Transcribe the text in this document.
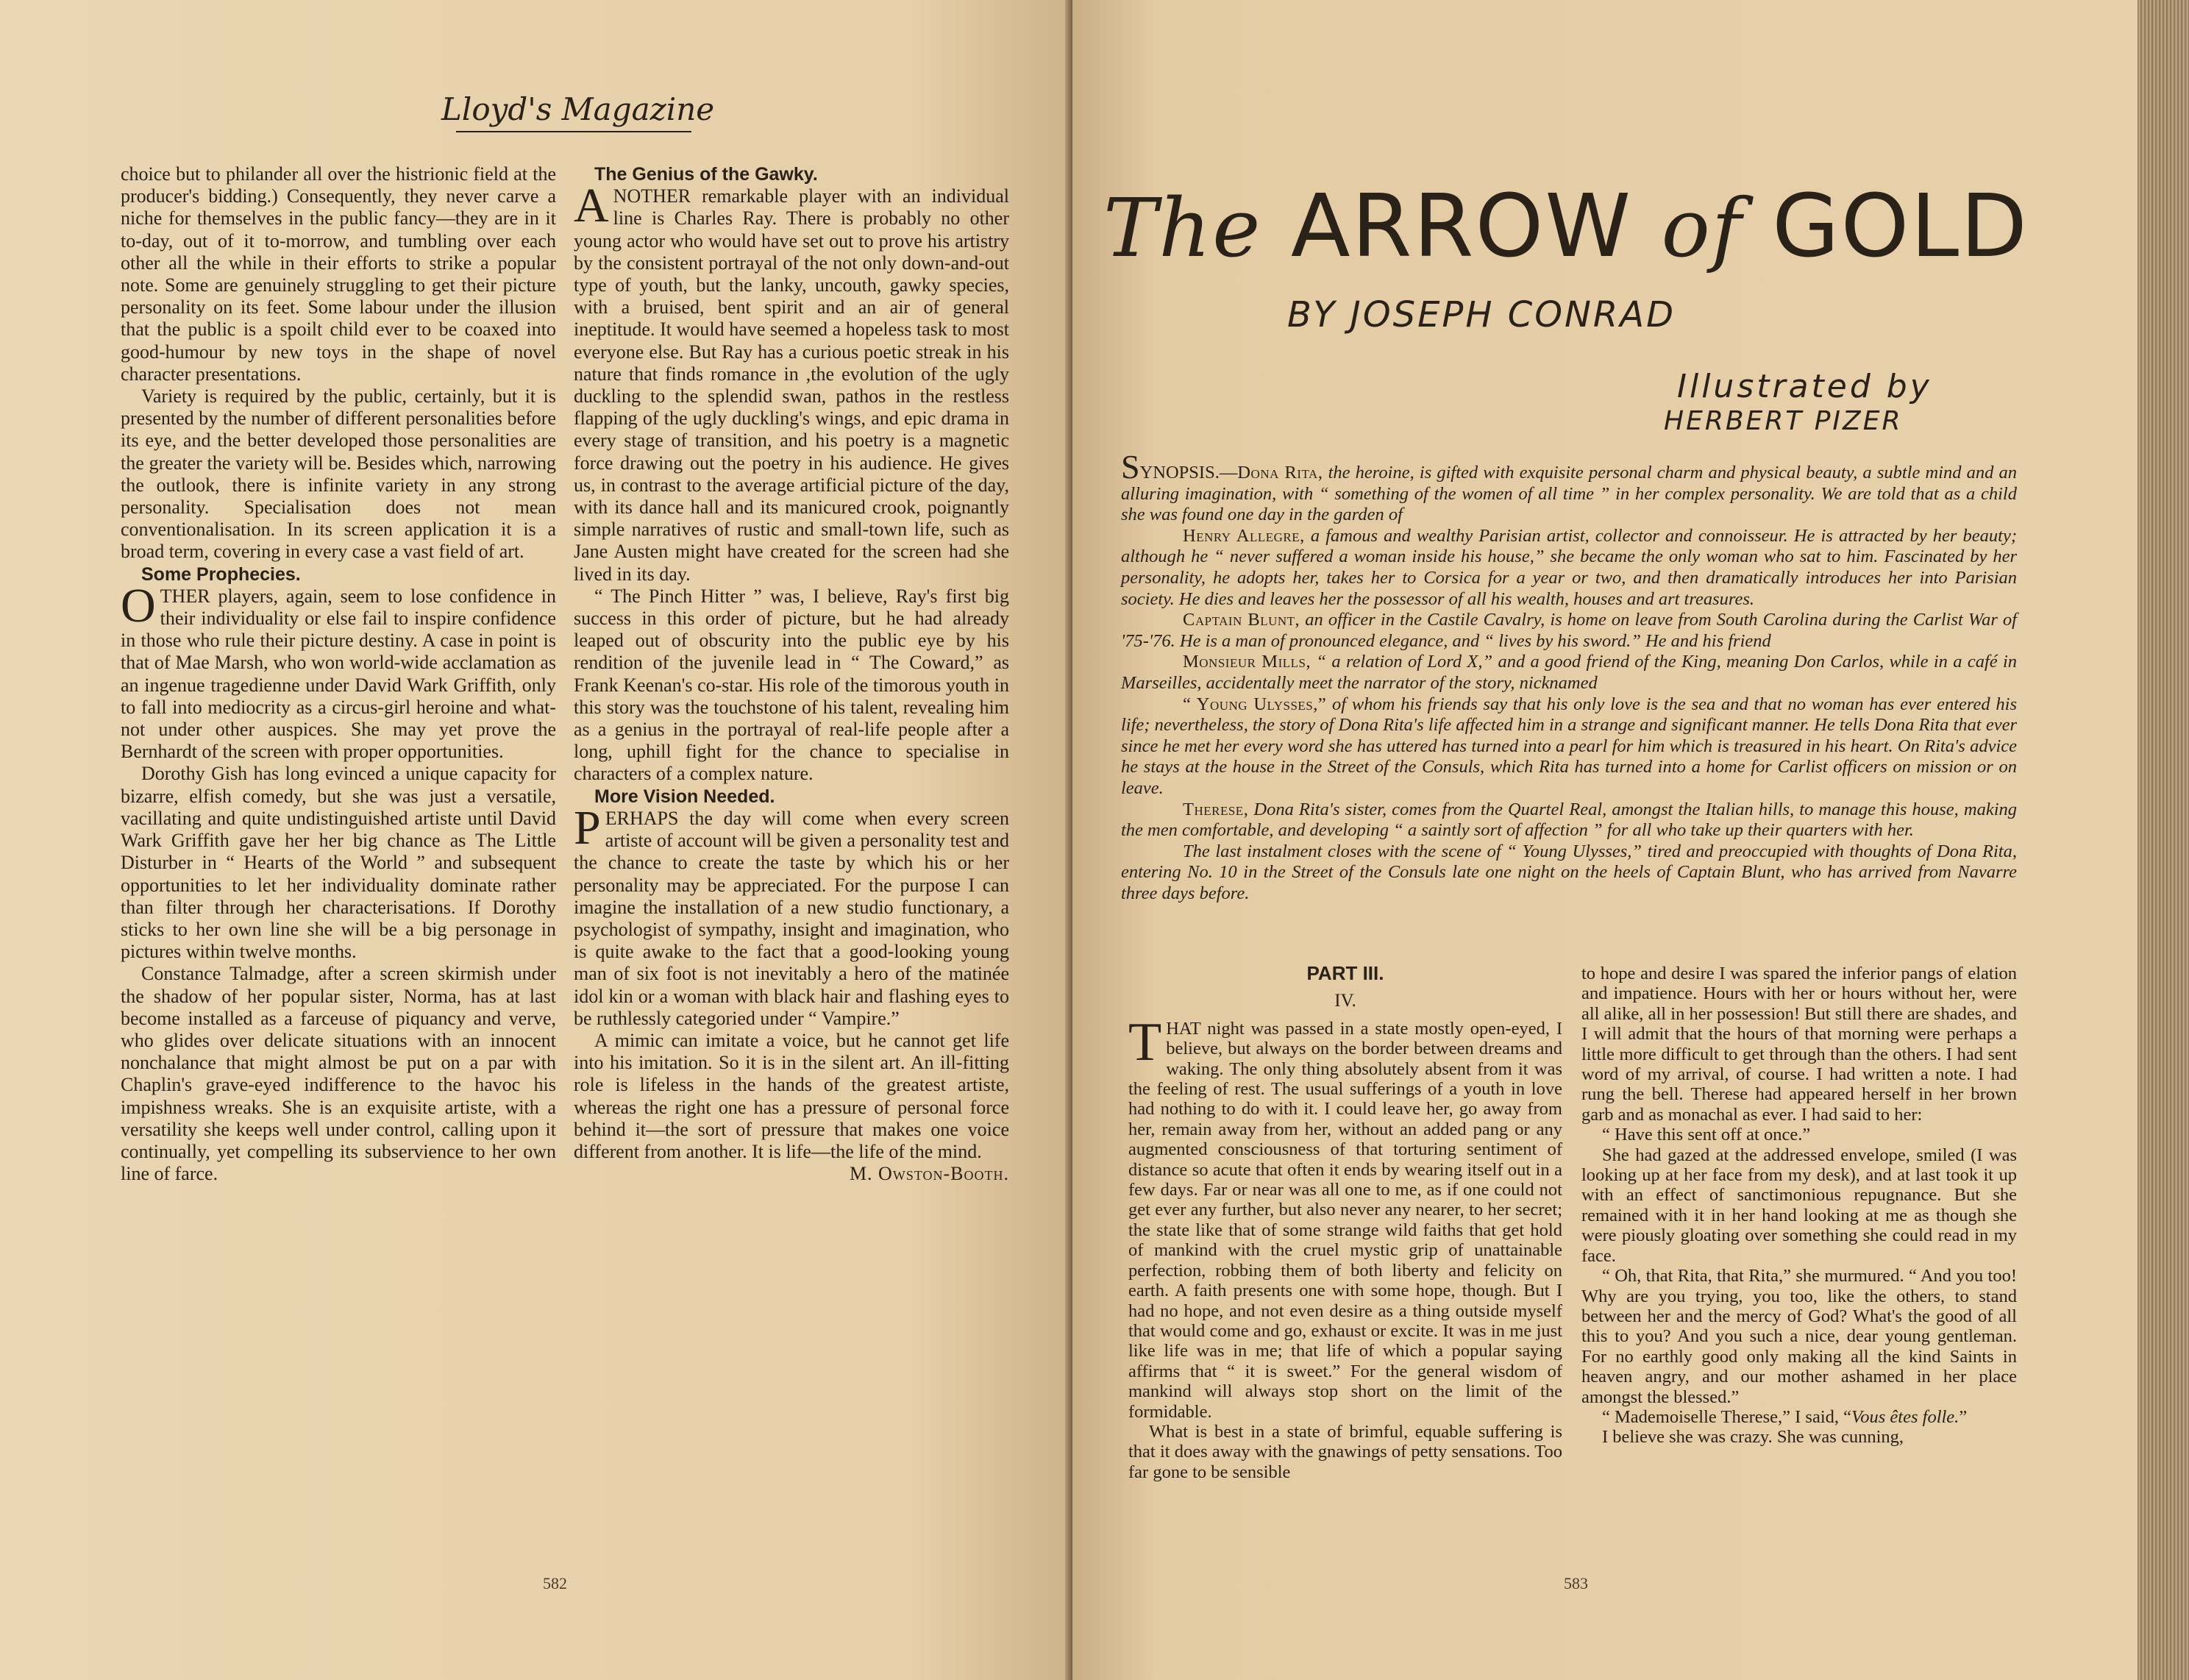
Lloyd's Magazine

choice but to philander all over the histrionic field at the producer's bidding.) Consequently, they never carve a niche for themselves in the public fancy—they are in it to-day, out of it to-morrow, and tumbling over each other all the while in their efforts to strike a popular note. Some are genuinely struggling to get their picture personality on its feet. Some labour under the illusion that the public is a spoilt child ever to be coaxed into good-humour by new toys in the shape of novel character presentations.

Variety is required by the public, certainly, but it is presented by the number of different personalities before its eye, and the better developed those personalities are the greater the variety will be. Besides which, narrowing the outlook, there is infinite variety in any strong personality. Specialisation does not mean conventionalisation. In its screen application it is a broad term, covering in every case a vast field of art.

Some Prophecies.

OTHER players, again, seem to lose confidence in their individuality or else fail to inspire confidence in those who rule their picture destiny. A case in point is that of Mae Marsh, who won world-wide acclamation as an ingenue tragedienne under David Wark Griffith, only to fall into mediocrity as a circus-girl heroine and what-not under other auspices. She may yet prove the Bernhardt of the screen with proper opportunities.

Dorothy Gish has long evinced a unique capacity for bizarre, elfish comedy, but she was just a versatile, vacillating and quite undistinguished artiste until David Wark Griffith gave her her big chance as The Little Disturber in “ Hearts of the World ” and subsequent opportunities to let her individuality dominate rather than filter through her characterisations. If Dorothy sticks to her own line she will be a big personage in pictures within twelve months.

Constance Talmadge, after a screen skirmish under the shadow of her popular sister, Norma, has at last become installed as a farceuse of piquancy and verve, who glides over delicate situations with an innocent nonchalance that might almost be put on a par with Chaplin's grave-eyed indifference to the havoc his impishness wreaks. She is an exquisite artiste, with a versatility she keeps well under control, calling upon it continually, yet compelling its subservience to her own line of farce.

The Genius of the Gawky.

ANOTHER remarkable player with an individual line is Charles Ray. There is probably no other young actor who would have set out to prove his artistry by the consistent portrayal of the not only down-and-out type of youth, but the lanky, uncouth, gawky species, with a bruised, bent spirit and an air of general ineptitude. It would have seemed a hopeless task to most everyone else. But Ray has a curious poetic streak in his nature that finds romance in ,the evolution of the ugly duckling to the splendid swan, pathos in the restless flapping of the ugly duckling's wings, and epic drama in every stage of transition, and his poetry is a magnetic force drawing out the poetry in his audience. He gives us, in contrast to the average artificial picture of the day, with its dance hall and its manicured crook, poignantly simple narratives of rustic and small-town life, such as Jane Austen might have created for the screen had she lived in its day.

“ The Pinch Hitter ” was, I believe, Ray's first big success in this order of picture, but he had already leaped out of obscurity into the public eye by his rendition of the juvenile lead in “ The Coward,” as Frank Keenan's co-star. His role of the timorous youth in this story was the touchstone of his talent, revealing him as a genius in the portrayal of real-life people after a long, uphill fight for the chance to specialise in characters of a complex nature.

More Vision Needed.

PERHAPS the day will come when every screen artiste of account will be given a personality test and the chance to create the taste by which his or her personality may be appreciated. For the purpose I can imagine the installation of a new studio functionary, a psychologist of sympathy, insight and imagination, who is quite awake to the fact that a good-looking young man of six foot is not inevitably a hero of the matinée idol kin or a woman with black hair and flashing eyes to be ruthlessly categoried under “ Vampire.”

A mimic can imitate a voice, but he cannot get life into his imitation. So it is in the silent art. An ill-fitting role is lifeless in the hands of the greatest artiste, whereas the right one has a pressure of personal force behind it—the sort of pressure that makes one voice different from another. It is life—the life of the mind.

M. Owston-Booth.

582
The ARROW of GOLD
BY JOSEPH CONRAD
Illustrated by
HERBERT PIZER

SYNOPSIS.—Dona Rita, the heroine, is gifted with exquisite personal charm and physical beauty, a subtle mind and an alluring imagination, with “ something of the women of all time ” in her complex personality. We are told that as a child she was found one day in the garden of

Henry Allegre, a famous and wealthy Parisian artist, collector and connoisseur. He is attracted by her beauty; although he “ never suffered a woman inside his house,” she became the only woman who sat to him. Fascinated by her personality, he adopts her, takes her to Corsica for a year or two, and then dramatically introduces her into Parisian society. He dies and leaves her the possessor of all his wealth, houses and art treasures.

Captain Blunt, an officer in the Castile Cavalry, is home on leave from South Carolina during the Carlist War of '75-'76. He is a man of pronounced elegance, and “ lives by his sword.” He and his friend

Monsieur Mills, “ a relation of Lord X,” and a good friend of the King, meaning Don Carlos, while in a café in Marseilles, accidentally meet the narrator of the story, nicknamed

“ Young Ulysses,” of whom his friends say that his only love is the sea and that no woman has ever entered his life; nevertheless, the story of Dona Rita's life affected him in a strange and significant manner. He tells Dona Rita that ever since he met her every word she has uttered has turned into a pearl for him which is treasured in his heart. On Rita's advice he stays at the house in the Street of the Consuls, which Rita has turned into a home for Carlist officers on mission or on leave.

Therese, Dona Rita's sister, comes from the Quartel Real, amongst the Italian hills, to manage this house, making the men comfortable, and developing “ a saintly sort of affection ” for all who take up their quarters with her.

The last instalment closes with the scene of “ Young Ulysses,” tired and preoccupied with thoughts of Dona Rita, entering No. 10 in the Street of the Consuls late one night on the heels of Captain Blunt, who has arrived from Navarre three days before.

PART III.
IV.

THAT night was passed in a state mostly open-eyed, I believe, but always on the border between dreams and waking. The only thing absolutely absent from it was the feeling of rest. The usual sufferings of a youth in love had nothing to do with it. I could leave her, go away from her, remain away from her, without an added pang or any augmented consciousness of that torturing sentiment of distance so acute that often it ends by wearing itself out in a few days. Far or near was all one to me, as if one could not get ever any further, but also never any nearer, to her secret; the state like that of some strange wild faiths that get hold of mankind with the cruel mystic grip of unattainable perfection, robbing them of both liberty and felicity on earth. A faith presents one with some hope, though. But I had no hope, and not even desire as a thing outside myself that would come and go, exhaust or excite. It was in me just like life was in me; that life of which a popular saying affirms that “ it is sweet.” For the general wisdom of mankind will always stop short on the limit of the formidable.

What is best in a state of brimful, equable suffering is that it does away with the gnawings of petty sensations. Too far gone to be sensible

to hope and desire I was spared the inferior pangs of elation and impatience. Hours with her or hours without her, were all alike, all in her possession! But still there are shades, and I will admit that the hours of that morning were perhaps a little more difficult to get through than the others. I had sent word of my arrival, of course. I had written a note. I had rung the bell. Therese had appeared herself in her brown garb and as monachal as ever. I had said to her:

“ Have this sent off at once.”

She had gazed at the addressed envelope, smiled (I was looking up at her face from my desk), and at last took it up with an effect of sanctimonious repugnance. But she remained with it in her hand looking at me as though she were piously gloating over something she could read in my face.

“ Oh, that Rita, that Rita,” she murmured. “ And you too! Why are you trying, you too, like the others, to stand between her and the mercy of God? What's the good of all this to you? And you such a nice, dear young gentleman. For no earthly good only making all the kind Saints in heaven angry, and our mother ashamed in her place amongst the blessed.”

“ Mademoiselle Therese,” I said, “Vous êtes folle.”

I believe she was crazy. She was cunning,

583
